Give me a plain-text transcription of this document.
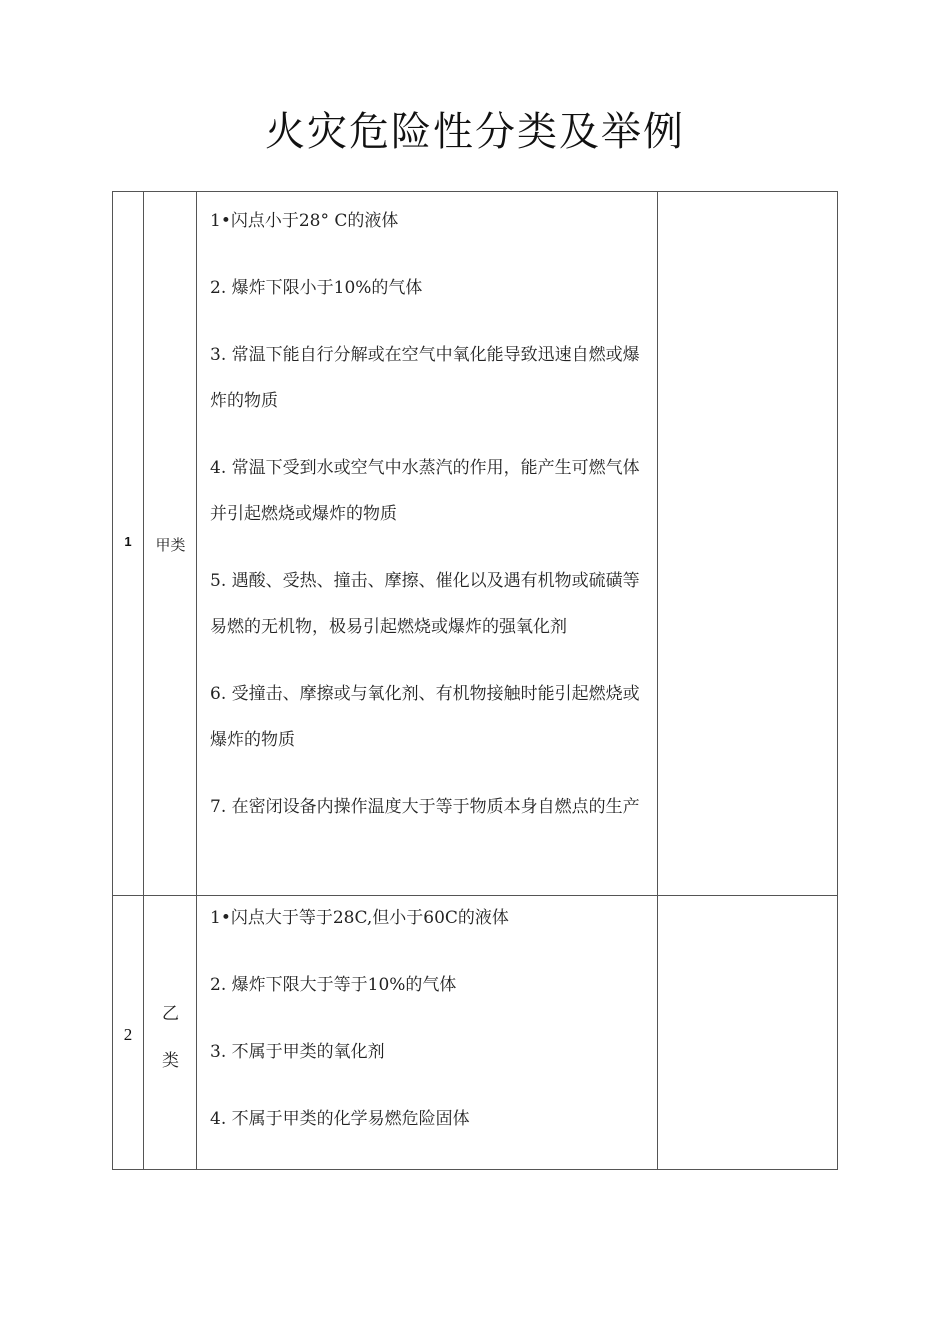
火灾危险性分类及举例
1	甲类
1•闪点小于28° C的液体
2. 爆炸下限小于10%的气体
3. 常温下能自行分解或在空气中氧化能导致迅速自燃或爆炸的物质
4. 常温下受到水或空气中水蒸汽的作用，能产生可燃气体并引起燃烧或爆炸的物质
5. 遇酸、受热、撞击、摩擦、催化以及遇有机物或硫磺等易燃的无机物，极易引起燃烧或爆炸的强氧化剂
6. 受撞击、摩擦或与氧化剂、有机物接触时能引起燃烧或爆炸的物质
7. 在密闭设备内操作温度大于等于物质本身自燃点的生产
2
乙
类
1•闪点大于等于28C,但小于60C的液体
2. 爆炸下限大于等于10%的气体
3. 不属于甲类的氧化剂
4. 不属于甲类的化学易燃危险固体
